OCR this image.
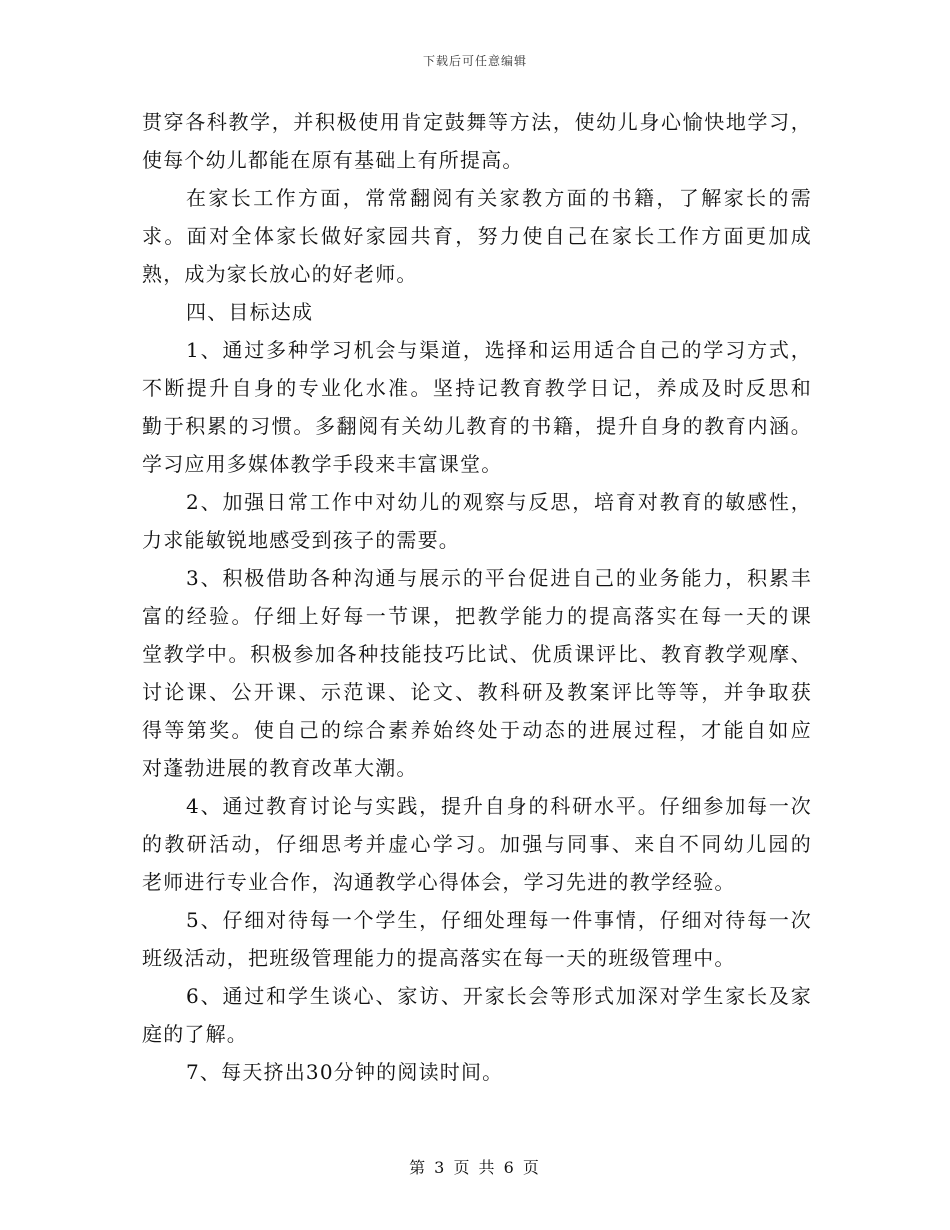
下载后可任意编辑
贯穿各科教学，并积极使用肯定鼓舞等方法，使幼儿身心愉快地学习，
使每个幼儿都能在原有基础上有所提高。
在家长工作方面，常常翻阅有关家教方面的书籍，了解家长的需
求。面对全体家长做好家园共育，努力使自己在家长工作方面更加成
熟，成为家长放心的好老师。
四、目标达成
1、通过多种学习机会与渠道，选择和运用适合自己的学习方式，
不断提升自身的专业化水准。坚持记教育教学日记，养成及时反思和
勤于积累的习惯。多翻阅有关幼儿教育的书籍，提升自身的教育内涵。
学习应用多媒体教学手段来丰富课堂。
2、加强日常工作中对幼儿的观察与反思，培育对教育的敏感性，
力求能敏锐地感受到孩子的需要。
3、积极借助各种沟通与展示的平台促进自己的业务能力，积累丰
富的经验。仔细上好每一节课，把教学能力的提高落实在每一天的课
堂教学中。积极参加各种技能技巧比试、优质课评比、教育教学观摩、
讨论课、公开课、示范课、论文、教科研及教案评比等等，并争取获
得等第奖。使自己的综合素养始终处于动态的进展过程，才能自如应
对蓬勃进展的教育改革大潮。
4、通过教育讨论与实践，提升自身的科研水平。仔细参加每一次
的教研活动，仔细思考并虚心学习。加强与同事、来自不同幼儿园的
老师进行专业合作，沟通教学心得体会，学习先进的教学经验。
5、仔细对待每一个学生，仔细处理每一件事情，仔细对待每一次
班级活动，把班级管理能力的提高落实在每一天的班级管理中。
6、通过和学生谈心、家访、开家长会等形式加深对学生家长及家
庭的了解。
7、每天挤出30分钟的阅读时间。
第 3 页 共 6 页
